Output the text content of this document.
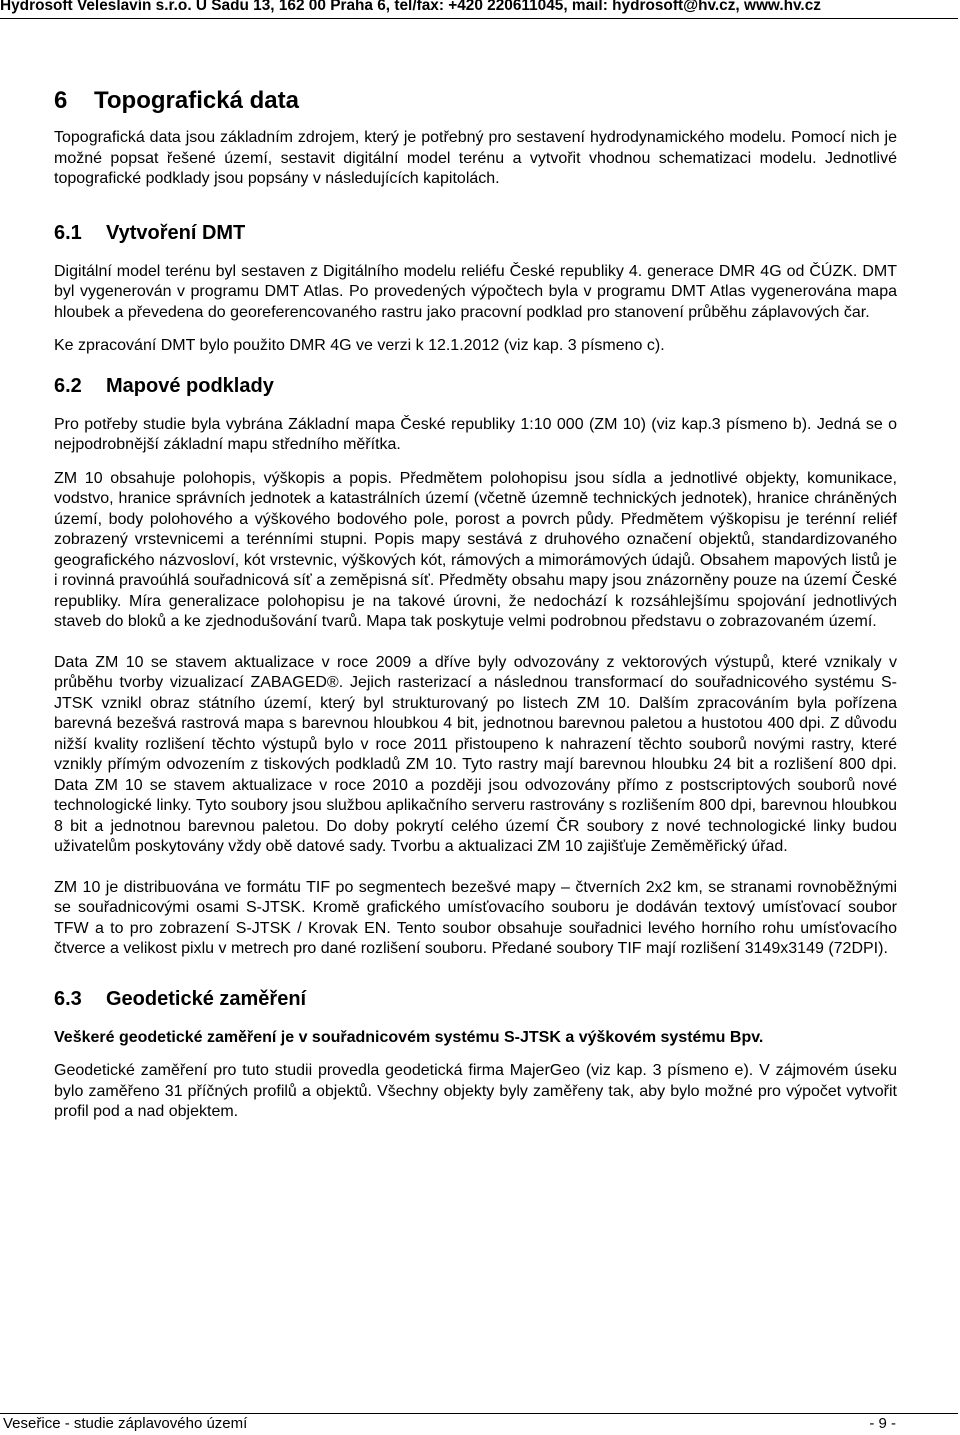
Hydrosoft Veleslavín s.r.o. U Sadu 13, 162 00 Praha 6, tel/fax: +420 220611045, mail: hydrosoft@hv.cz, www.hv.cz
6 Topografická data

Topografická data jsou základním zdrojem, který je potřebný pro sestavení hydrodynamického modelu. Pomocí nich je možné popsat řešené území, sestavit digitální model terénu a vytvořit vhodnou schematizaci modelu. Jednotlivé topografické podklady jsou popsány v následujících kapitolách.

6.1 Vytvoření DMT

Digitální model terénu byl sestaven z Digitálního modelu reliéfu České republiky 4. generace DMR 4G od ČÚZK. DMT byl vygenerován v programu DMT Atlas. Po provedených výpočtech byla v programu DMT Atlas vygenerována mapa hloubek a převedena do georeferencovaného rastru jako pracovní podklad pro stanovení průběhu záplavových čar.

Ke zpracování DMT bylo použito DMR 4G ve verzi k 12.1.2012 (viz kap. 3 písmeno c).

6.2 Mapové podklady

Pro potřeby studie byla vybrána Základní mapa České republiky 1:10 000 (ZM 10) (viz kap.3 písmeno b). Jedná se o nejpodrobnější základní mapu středního měřítka.

ZM 10 obsahuje polohopis, výškopis a popis. Předmětem polohopisu jsou sídla a jednotlivé objekty, komunikace, vodstvo, hranice správních jednotek a katastrálních území (včetně územně technických jednotek), hranice chráněných území, body polohového a výškového bodového pole, porost a povrch půdy. Předmětem výškopisu je terénní reliéf zobrazený vrstevnicemi a terénními stupni. Popis mapy sestává z druhového označení objektů, standardizovaného geografického názvosloví, kót vrstevnic, výškových kót, rámových a mimorámových údajů. Obsahem mapových listů je i rovinná pravoúhlá souřadnicová síť a zeměpisná síť. Předměty obsahu mapy jsou znázorněny pouze na území České republiky. Míra generalizace polohopisu je na takové úrovni, že nedochází k rozsáhlejšímu spojování jednotlivých staveb do bloků a ke zjednodušování tvarů. Mapa tak poskytuje velmi podrobnou představu o zobrazovaném území.

Data ZM 10 se stavem aktualizace v roce 2009 a dříve byly odvozovány z vektorových výstupů, které vznikaly v průběhu tvorby vizualizací ZABAGED®. Jejich rasterizací a následnou transformací do souřadnicového systému S-JTSK vznikl obraz státního území, který byl strukturovaný po listech ZM 10. Dalším zpracováním byla pořízena barevná bezešvá rastrová mapa s barevnou hloubkou 4 bit, jednotnou barevnou paletou a hustotou 400 dpi. Z důvodu nižší kvality rozlišení těchto výstupů bylo v roce 2011 přistoupeno k nahrazení těchto souborů novými rastry, které vznikly přímým odvozením z tiskových podkladů ZM 10. Tyto rastry mají barevnou hloubku 24 bit a rozlišení 800 dpi. Data ZM 10 se stavem aktualizace v roce 2010 a později jsou odvozovány přímo z postscriptových souborů nové technologické linky. Tyto soubory jsou službou aplikačního serveru rastrovány s rozlišením 800 dpi, barevnou hloubkou 8 bit a jednotnou barevnou paletou. Do doby pokrytí celého území ČR soubory z nové technologické linky budou uživatelům poskytovány vždy obě datové sady. Tvorbu a aktualizaci ZM 10 zajišťuje Zeměměřický úřad.

ZM 10 je distribuována ve formátu TIF po segmentech bezešvé mapy – čtverních 2x2 km, se stranami rovnoběžnými se souřadnicovými osami S-JTSK. Kromě grafického umísťovacího souboru je dodáván textový umísťovací soubor TFW a to pro zobrazení S-JTSK / Krovak EN. Tento soubor obsahuje souřadnici levého horního rohu umísťovacího čtverce a velikost pixlu v metrech pro dané rozlišení souboru. Předané soubory TIF mají rozlišení 3149x3149 (72DPI).

6.3 Geodetické zaměření

Veškeré geodetické zaměření je v souřadnicovém systému S-JTSK a výškovém systému Bpv.

Geodetické zaměření pro tuto studii provedla geodetická firma MajerGeo (viz kap. 3 písmeno e). V zájmovém úseku bylo zaměřeno 31 příčných profilů a objektů. Všechny objekty byly zaměřeny tak, aby bylo možné pro výpočet vytvořit profil pod a nad objektem.

Veseřice - studie záplavového území	- 9 -
